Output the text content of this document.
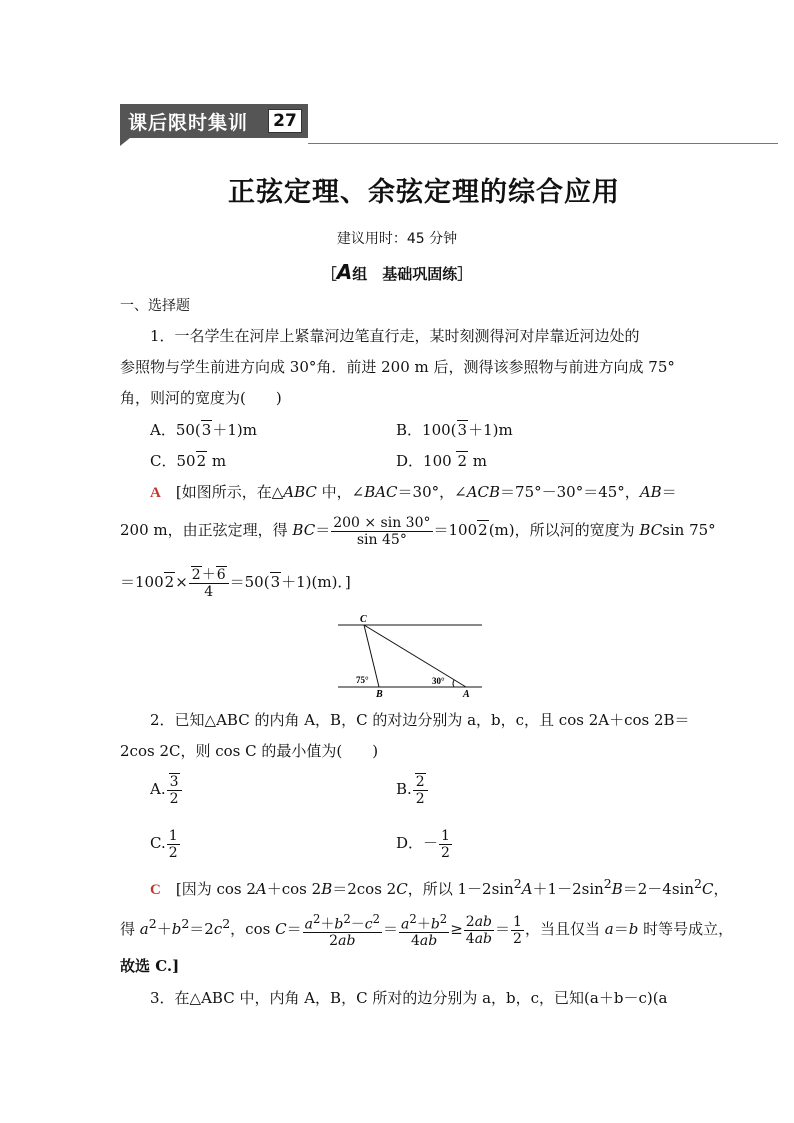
课后限时集训	27
正弦定理、余弦定理的综合应用
建议用时：45 分钟
［A组　基础巩固练］
一、选择题
1．一名学生在河岸上紧靠河边笔直行走，某时刻测得河对岸靠近河边处的
参照物与学生前进方向成 30°角．前进 200 m 后，测得该参照物与前进方向成 75°
角，则河的宽度为(　　)
A．50(3＋1)m	B．100(3＋1)m
C．502 m	D．100 2 m
A　[如图所示，在△ABC 中，∠BAC＝30°，∠ACB＝75°－30°＝45°，AB＝
200 m，由正弦定理，得 $BC= \frac{200 \times \sin 30^\circ}{\sin 45^\circ} =1002(m)$，所以河的宽度为 BCsin 75°
$=1002\times \frac{2+6}{4} =50(3+1)(m)$．]
C
B	A
75°	30°
2．已知△ABC 的内角 A，B，C 的对边分别为 a，b，c，且 cos 2A＋cos 2B＝
2cos 2C，则 cos C 的最小值为(　　)
A. $\frac{3}{2}$	B. $\frac{2}{2}$
C. $\frac{1}{2}$	D．－ $\frac{1}{2}$
C　[因为 cos 2A＋cos 2B＝2cos 2C，所以 $1-2\sin^2A+1-2\sin^2B=2-4\sin^2C$，
得 $a^2+b^2=2c^2$，$\cos C= \frac{a^2+b^2-c^2}{2ab} = \frac{a^2+b^2}{4ab} \ge \frac{2ab}{4ab} = \frac{1}{2}$ ，当且仅当 a＝b 时等号成立，
故选 C.]
3．在△ABC 中，内角 A，B，C 所对的边分别为 a，b，c，已知(a＋b－c)(a
